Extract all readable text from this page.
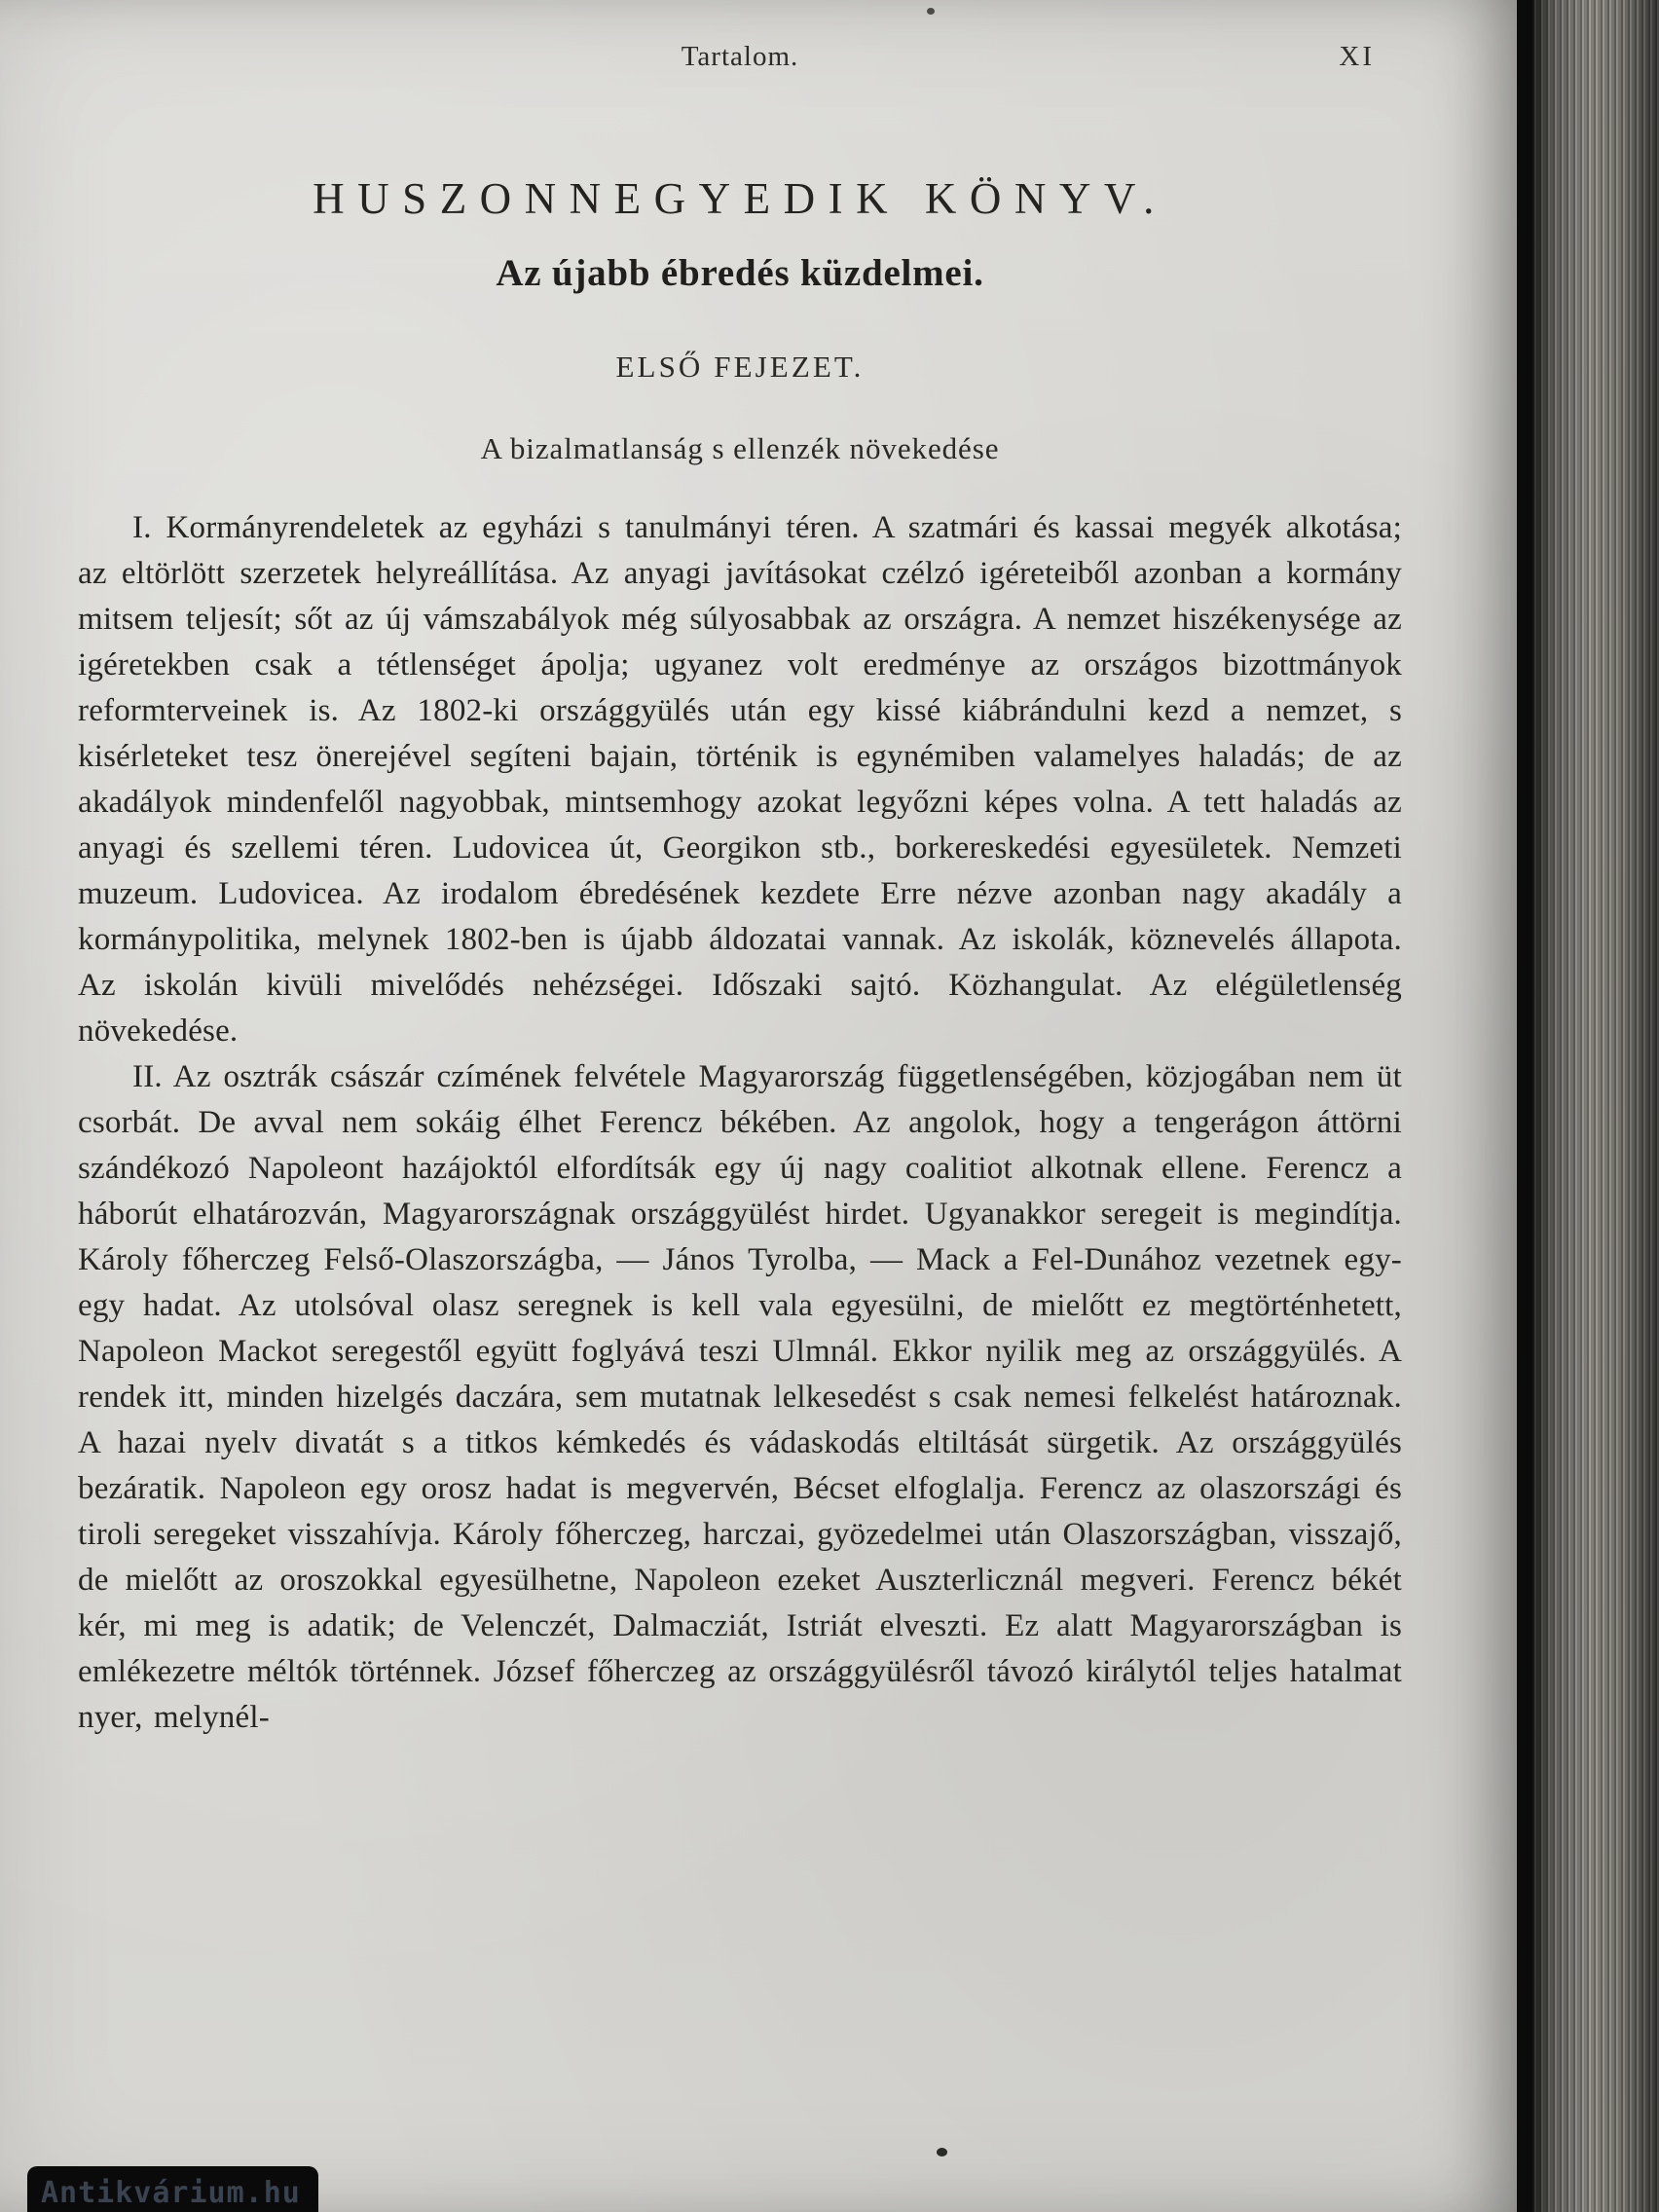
Tartalom.	XI
HUSZONNEGYEDIK KÖNYV.
Az újabb ébredés küzdelmei.
ELSŐ FEJEZET.
A bizalmatlanság s ellenzék növekedése

I. Kormányrendeletek az egyházi s tanulmányi téren. A szatmári és kassai megyék alkotása; az eltörlött szerzetek helyreállítása. Az anyagi javításokat czélzó igéreteiből azonban a kormány mitsem teljesít; sőt az új vámszabályok még súlyosabbak az országra. A nemzet hiszékenysége az igéretekben csak a tétlenséget ápolja; ugyanez volt eredménye az országos bizottmányok reformterveinek is. Az 1802-ki országgyülés után egy kissé kiábrándulni kezd a nemzet, s kisérleteket tesz önerejével segíteni bajain, történik is egynémiben valamelyes haladás; de az akadályok mindenfelől nagyobbak, mintsemhogy azokat legyőzni képes volna. A tett haladás az anyagi és szellemi téren. Ludovicea út, Georgikon stb., borkereskedési egyesületek. Nemzeti muzeum. Ludovicea. Az irodalom ébredésének kezdete Erre nézve azonban nagy akadály a kormánypolitika, melynek 1802-ben is újabb áldozatai vannak. Az iskolák, köznevelés állapota. Az iskolán kivüli mivelődés nehézségei. Időszaki sajtó. Közhangulat. Az elégületlenség növekedése.

II. Az osztrák császár czímének felvétele Magyarország függetlenségében, közjogában nem üt csorbát. De avval nem sokáig élhet Ferencz békében. Az angolok, hogy a tengerágon áttörni szándékozó Napoleont hazájoktól elfordítsák egy új nagy coalitiot alkotnak ellene. Ferencz a háborút elhatározván, Magyarországnak országgyülést hirdet. Ugyanakkor seregeit is megindítja. Károly főherczeg Felső-Olaszországba, — János Tyrolba, — Mack a Fel-Dunához vezetnek egy-egy hadat. Az utolsóval olasz seregnek is kell vala egyesülni, de mielőtt ez megtörténhetett, Napoleon Mackot seregestől együtt foglyává teszi Ulmnál. Ekkor nyilik meg az országgyülés. A rendek itt, minden hizelgés daczára, sem mutatnak lelkesedést s csak nemesi felkelést határoznak. A hazai nyelv divatát s a titkos kémkedés és vádaskodás eltiltását sürgetik. Az országgyülés bezáratik. Napoleon egy orosz hadat is megvervén, Bécset elfoglalja. Ferencz az olaszországi és tiroli seregeket visszahívja. Károly főherczeg, harczai, gyözedelmei után Olaszországban, visszajő, de mielőtt az oroszokkal egyesülhetne, Napoleon ezeket Auszterlicznál megveri. Ferencz békét kér, mi meg is adatik; de Velenczét, Dalmacziát, Istriát elveszti. Ez alatt Magyarországban is emlékezetre méltók történnek. József főherczeg az országgyülésről távozó királytól teljes hatalmat nyer, melynél-

Antikvárium.hu
